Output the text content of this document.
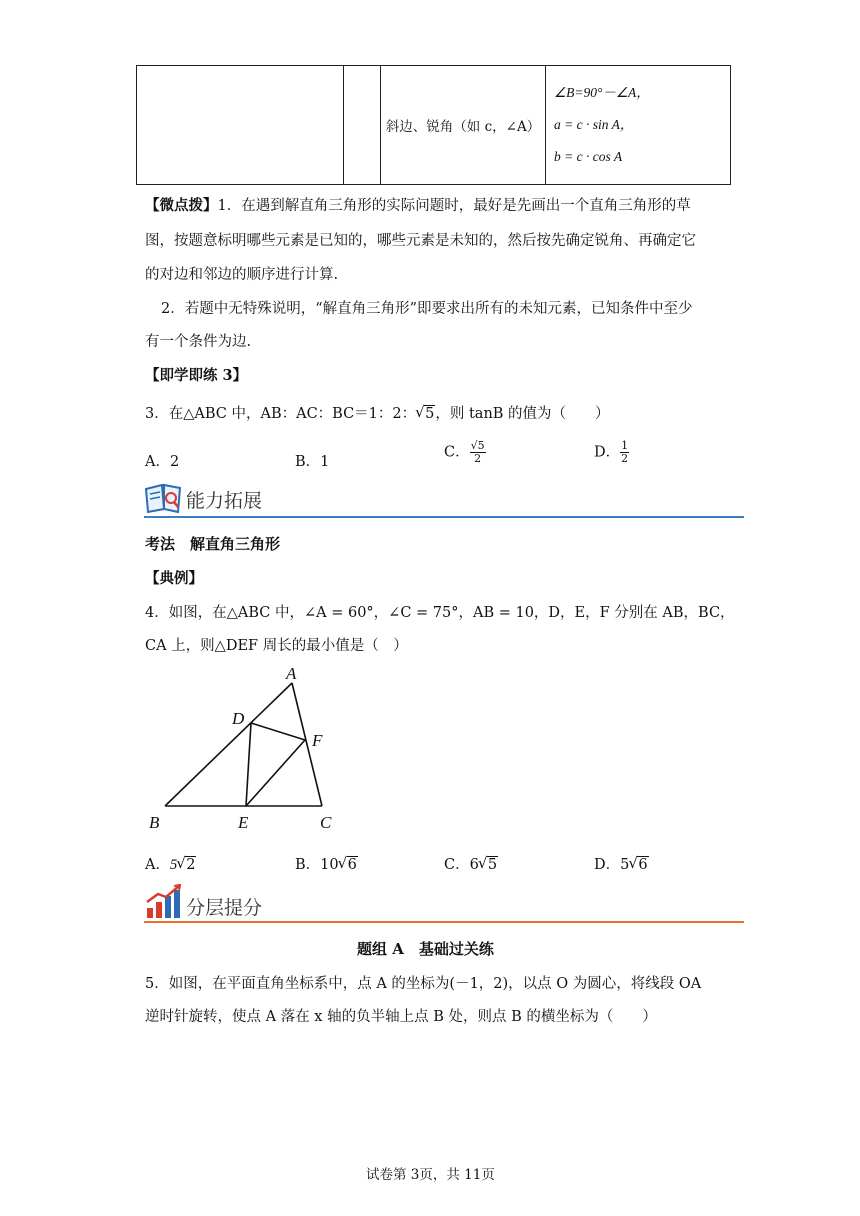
		斜边、锐角（如 c，∠A）	
∠B=90°－∠A，
a = c · sin A，
b = c · cos A
【微点拨】1．在遇到解直角三角形的实际问题时，最好是先画出一个直角三角形的草
图，按题意标明哪些元素是已知的，哪些元素是未知的，然后按先确定锐角、再确定它
的对边和邻边的顺序进行计算.
2．若题中无特殊说明，“解直角三角形”即要求出所有的未知元素，已知条件中至少
有一个条件为边.
【即学即练 3】
3．在△ABC 中，AB：AC：BC＝1：2： √ 5，则 tanB 的值为（　　）
A．2	B．1
C． $\frac{√5}{2}$	D． $\frac{1}{2}$
能力拓展
考法　解直角三角形
【典例】
4．如图，在△ABC 中，∠A = 60°，∠C = 75°，AB = 10，D，E，F 分别在 AB，BC，
CA 上，则△DEF 周长的最小值是（　）
A
D
F
B	E	C
A．5 √ 2	B．10 √ 6	C．6 √ 5	D．5 √ 6
分层提分
题组 A　基础过关练
5．如图，在平面直角坐标系中，点 A 的坐标为(－1，2)，以点 O 为圆心，将线段 OA
逆时针旋转，使点 A 落在 x 轴的负半轴上点 B 处，则点 B 的横坐标为（　　）
试卷第 3页，共 11页
